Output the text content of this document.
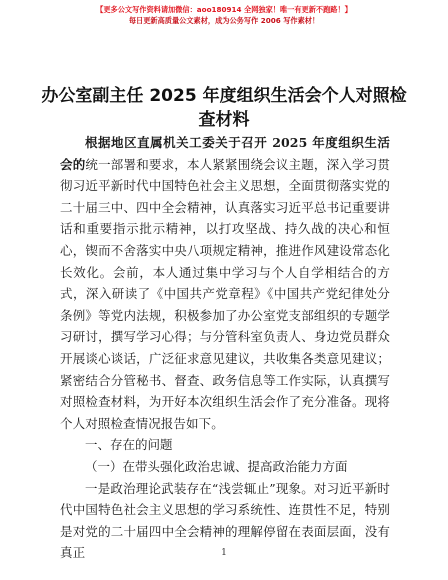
【更多公文写作资料请加微信：aoo180914 全网独家！唯一有更新不跑路！】
每日更新高质量公文素材，成为公务写作 2006 写作素材！
办公室副主任 2025 年度组织生活会个人对照检查材料

根据地区直属机关工委关于召开 2025 年度组织生活会的统一部署和要求，本人紧紧围绕会议主题，深入学习贯彻习近平新时代中国特色社会主义思想，全面贯彻落实党的二十届三中、四中全会精神，认真落实习近平总书记重要讲话和重要指示批示精神，以打攻坚战、持久战的决心和恒心，锲而不舍落实中央八项规定精神，推进作风建设常态化长效化。会前，本人通过集中学习与个人自学相结合的方式，深入研读了《中国共产党章程》《中国共产党纪律处分条例》等党内法规，积极参加了办公室党支部组织的专题学习研讨，撰写学习心得；与分管科室负责人、身边党员群众开展谈心谈话，广泛征求意见建议，共收集各类意见建议；紧密结合分管秘书、督查、政务信息等工作实际，认真撰写对照检查材料，为开好本次组织生活会作了充分准备。现将个人对照检查情况报告如下。

一、存在的问题

（一）在带头强化政治忠诚、提高政治能力方面

一是政治理论武装存在“浅尝辄止”现象。对习近平新时代中国特色社会主义思想的学习系统性、连贯性不足，特别是对党的二十届四中全会精神的理解停留在表面层面，没有真正	1
